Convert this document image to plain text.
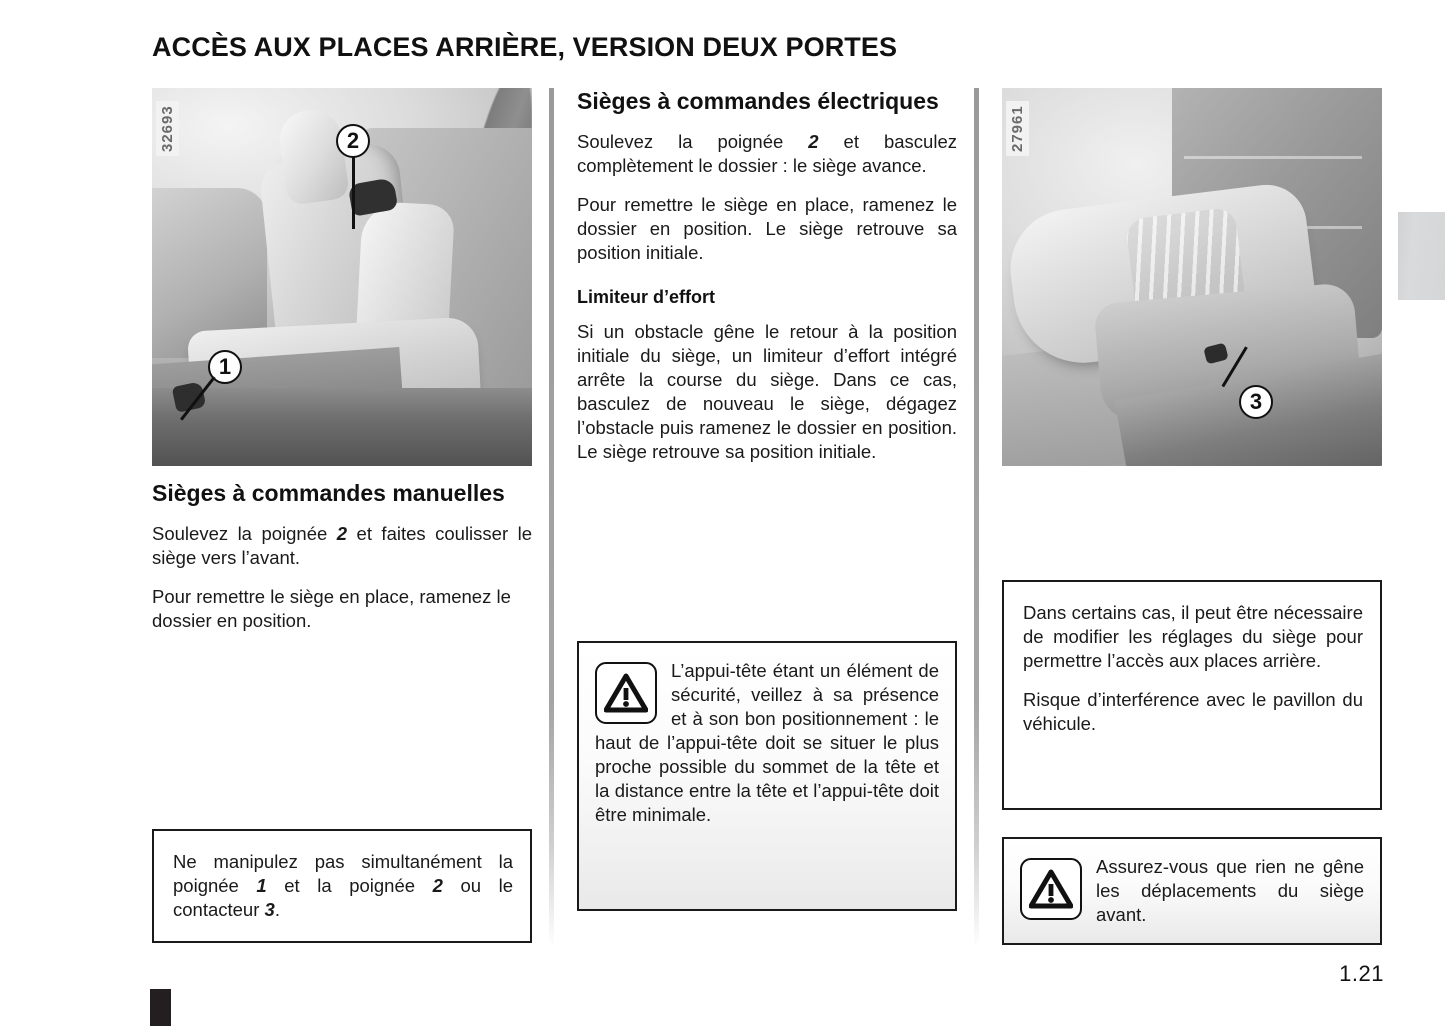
ACCÈS AUX PLACES ARRIÈRE, VERSION DEUX PORTES
32693	2
1
Sièges à commandes manuelles

Soulevez la poignée 2 et faites coulisser le siège vers l’avant.

Pour remettre le siège en place, ramenez le dossier en position.

Ne manipulez pas simultanément la poignée 1 et la poignée 2 ou le contacteur 3.

Sièges à commandes électriques

Soulevez la poignée 2 et basculez complètement le dossier : le siège avance.

Pour remettre le siège en place, ramenez le dossier en position. Le siège retrouve sa position initiale.

Limiteur d’effort

Si un obstacle gêne le retour à la position initiale du siège, un limiteur d’effort intégré arrête la course du siège. Dans ce cas, basculez de nouveau le siège, dégagez l’obstacle puis ramenez le dossier en position. Le siège retrouve sa position initiale.

L’appui-tête étant un élément de sécurité, veillez à sa présence et à son bon positionnement : le haut de l’appui-tête doit se situer le plus proche possible du sommet de la tête et la distance entre la tête et l’appui-tête doit être minimale.

27961
3

Dans certains cas, il peut être nécessaire de modifier les réglages du siège pour permettre l’accès aux places arrière.

Risque d’interférence avec le pavillon du véhicule.

Assurez-vous que rien ne gêne les déplacements du siège avant.

1.21
